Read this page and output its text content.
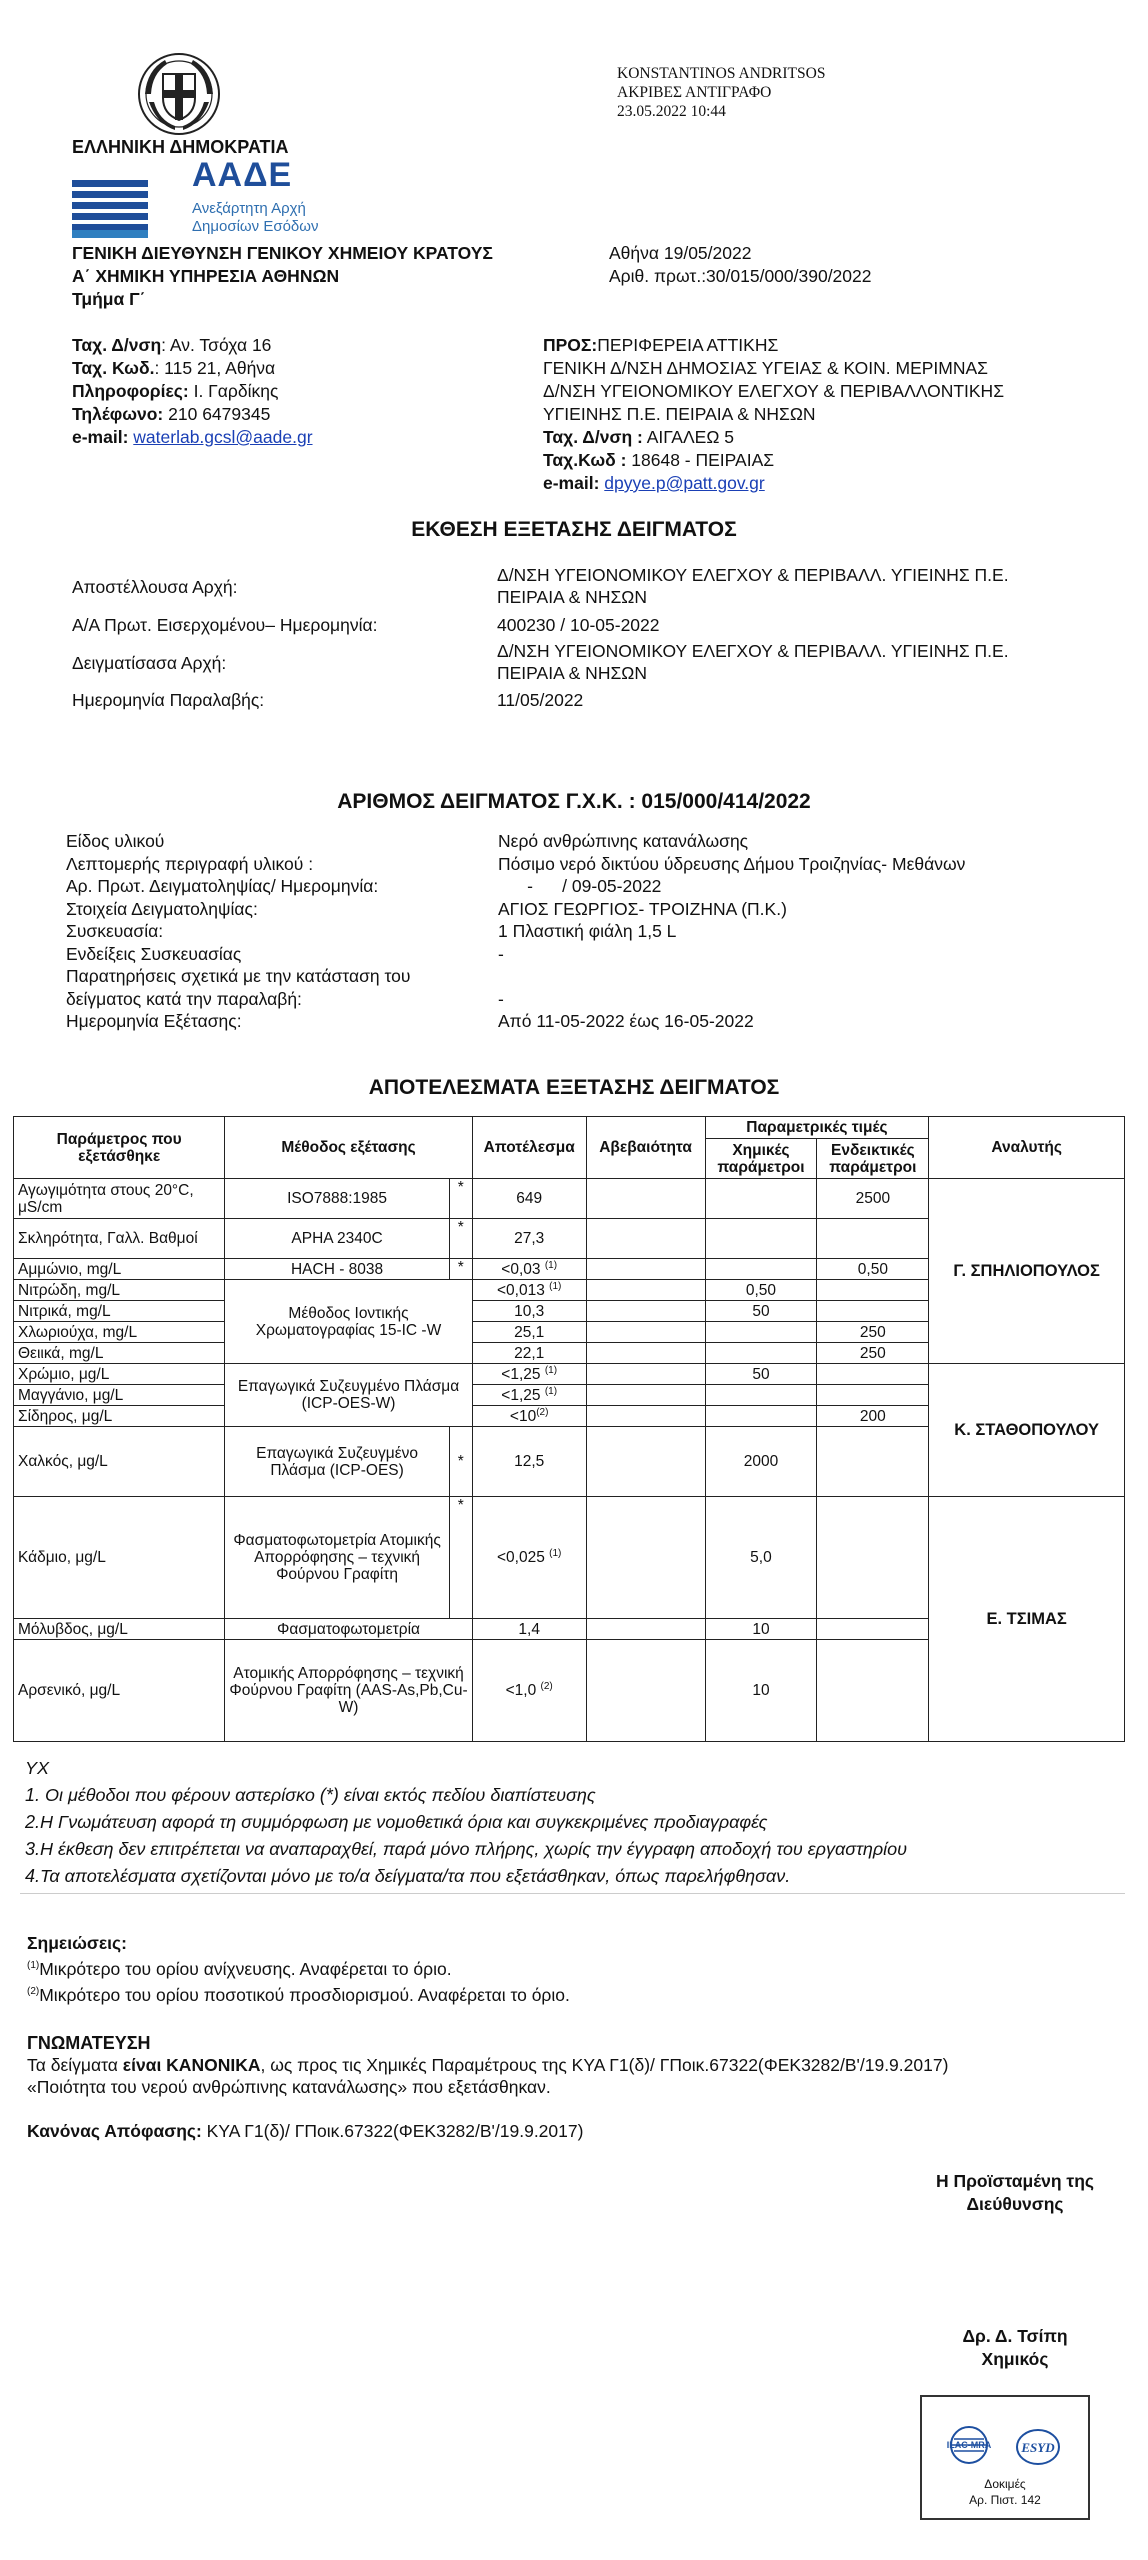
ΕΛΛΗΝΙΚΗ ΔΗΜΟΚΡΑΤΙΑ
ΑΑΔΕ
Ανεξάρτητη Αρχή
Δημοσίων Εσόδων
KONSTANTINOS ANDRITSOS
ΑΚΡΙΒΕΣ ΑΝΤΙΓΡΑΦΟ
23.05.2022 10:44
ΓΕΝΙΚΗ ΔΙΕΥΘΥΝΣΗ ΓΕΝΙΚΟΥ ΧΗΜΕΙΟΥ ΚΡΑΤΟΥΣ
Α΄ ΧΗΜΙΚΗ ΥΠΗΡΕΣΙΑ ΑΘΗΝΩΝ
Τμήμα Γ΄
Αθήνα 19/05/2022
Αριθ. πρωτ.:30/015/000/390/2022
Ταχ. Δ/νση: Αν. Τσόχα 16
Ταχ. Κωδ.: 115 21, Αθήνα
Πληροφορίες: Ι. Γαρδίκης
Τηλέφωνο: 210 6479345
e-mail: waterlab.gcsl@aade.gr
ΠΡΟΣ:ΠΕΡΙΦΕΡΕΙΑ ΑΤΤΙΚΗΣ
ΓΕΝΙΚΗ Δ/ΝΣΗ ΔΗΜΟΣΙΑΣ ΥΓΕΙΑΣ & ΚΟΙΝ. ΜΕΡΙΜΝΑΣ
Δ/ΝΣΗ ΥΓΕΙΟΝΟΜΙΚΟΥ ΕΛΕΓΧΟΥ & ΠΕΡΙΒΑΛΛΟΝΤΙΚΗΣ
ΥΓΙΕΙΝΗΣ Π.Ε. ΠΕΙΡΑΙΑ & ΝΗΣΩΝ
Ταχ. Δ/νση : ΑΙΓΑΛΕΩ 5
Ταχ.Κωδ : 18648 - ΠΕΙΡΑΙΑΣ
e-mail: dpyye.p@patt.gov.gr
ΕΚΘΕΣΗ ΕΞΕΤΑΣΗΣ ΔΕΙΓΜΑΤΟΣ
Αποστέλλουσα Αρχή:
Δ/ΝΣΗ ΥΓΕΙΟΝΟΜΙΚΟΥ ΕΛΕΓΧΟΥ & ΠΕΡΙΒΑΛΛ. ΥΓΙΕΙΝΗΣ Π.Ε.
ΠΕΙΡΑΙΑ & ΝΗΣΩΝ
Α/Α Πρωτ. Εισερχομένου– Ημερομηνία:	400230 / 10-05-2022
Δειγματίσασα Αρχή:
Δ/ΝΣΗ ΥΓΕΙΟΝΟΜΙΚΟΥ ΕΛΕΓΧΟΥ & ΠΕΡΙΒΑΛΛ. ΥΓΙΕΙΝΗΣ Π.Ε.
ΠΕΙΡΑΙΑ & ΝΗΣΩΝ
Ημερομηνία Παραλαβής:	11/05/2022
ΑΡΙΘΜΟΣ ΔΕΙΓΜΑΤΟΣ Γ.Χ.Κ. : 015/000/414/2022
Είδος υλικού	Νερό ανθρώπινης κατανάλωσης
Λεπτομερής περιγραφή υλικού :	Πόσιμο νερό δικτύου ύδρευσης Δήμου Τροιζηνίας- Μεθάνων
Αρ. Πρωτ. Δειγματοληψίας/ Ημερομηνία:	-      / 09-05-2022
Στοιχεία Δειγματοληψίας:	ΑΓΙΟΣ ΓΕΩΡΓΙΟΣ- ΤΡΟΙΖΗΝΑ (Π.Κ.)
Συσκευασία:	1 Πλαστική φιάλη 1,5 L
Ενδείξεις Συσκευασίας	-
Παρατηρήσεις σχετικά με την κατάσταση του
δείγματος κατά την παραλαβή:	-
Ημερομηνία Εξέτασης:	Από 11-05-2022 έως 16-05-2022
ΑΠΟΤΕΛΕΣΜΑΤΑ ΕΞΕΤΑΣΗΣ ΔΕΙΓΜΑΤΟΣ
Παράμετρος που εξετάσθηκε	Μέθοδος εξέτασης		Αποτέλεσμα	Αβεβαιότητα	Παραμετρικές τιμές		Αναλυτής
					Χημικές παράμετροι	Ενδεικτικές παράμετροι	
Αγωγιμότητα στους 20°C, μS/cm	ISO7888:1985	*	649			2500	Γ. ΣΠΗΛΙΟΠΟΥΛΟΣ
Σκληρότητα, Γαλλ. Βαθμοί	APHA 2340C	*	27,3				
Αμμώνιο, mg/L	HACH - 8038	*	<0,03 $^{(1)}$			0,50	
Νιτρώδη, mg/L	Μέθοδος Ιοντικής Χρωματογραφίας 15-IC -W		<0,013 $^{(1)}$		0,50		
Νιτρικά, mg/L			10,3		50		
Χλωριούχα, mg/L			25,1			250	
Θειικά, mg/L			22,1			250	
Χρώμιο, μg/L	Επαγωγικά Συζευγμένο Πλάσμα (ICP-OES-W)		<1,25 $^{(1)}$		50		Κ. ΣΤΑΘΟΠΟΥΛΟΥ
Μαγγάνιο, μg/L			<1,25 $^{(1)}$			
Σίδηρος, μg/L			$<10^{(2)}$			200	
Χαλκός, μg/L	Επαγωγικά Συζευγμένο Πλάσμα (ICP-OES)	*	12,5		2000		
Κάδμιο, μg/L	Φασματοφωτομετρία Ατομικής Απορρόφησης – τεχνική Φούρνου Γραφίτη	*	<0,025 $^{(1)}$		5,0		Ε. ΤΣΙΜΑΣ
Μόλυβδος, μg/L	Φασματοφωτομετρία		1,4		10		
Αρσενικό, μg/L	Ατομικής Απορρόφησης – τεχνική Φούρνου Γραφίτη (AAS-As,Pb,Cu-W)		<1,0 $^{(2)}$		10		
ΥΧ
1. Οι μέθοδοι που φέρουν αστερίσκο (*) είναι εκτός πεδίου διαπίστευσης
2.Η Γνωμάτευση αφορά τη συμμόρφωση με νομοθετικά όρια και συγκεκριμένες προδιαγραφές
3.Η έκθεση δεν επιτρέπεται να αναπαραχθεί, παρά μόνο πλήρης, χωρίς την έγγραφη αποδοχή του εργαστηρίου
4.Τα αποτελέσματα σχετίζονται μόνο με το/α δείγματα/τα που εξετάσθηκαν, όπως παρελήφθησαν.
Σημειώσεις:
$^{(1)}$Μικρότερο του ορίου ανίχνευσης. Αναφέρεται το όριο.
$^{(2)}$Μικρότερο του ορίου ποσοτικού προσδιορισμού. Αναφέρεται το όριο.
ΓΝΩΜΑΤΕΥΣΗ
Τα δείγματα είναι ΚΑΝΟΝΙΚΑ, ως προς τις Χημικές Παραμέτρους της ΚΥΑ Γ1(δ)/ ΓΠοικ.67322(ΦΕΚ3282/Β'/19.9.2017)
«Ποιότητα του νερού ανθρώπινης κατανάλωσης» που εξετάσθηκαν.
Κανόνας Απόφασης: ΚΥΑ Γ1(δ)/ ΓΠοικ.67322(ΦΕΚ3282/Β'/19.9.2017)
Η Προϊσταμένη της
Διεύθυνσης
Δρ. Δ. Τσίπη
Χημικός
ILAC-MRA ESYD
Δοκιμές
Αρ. Πιστ. 142
